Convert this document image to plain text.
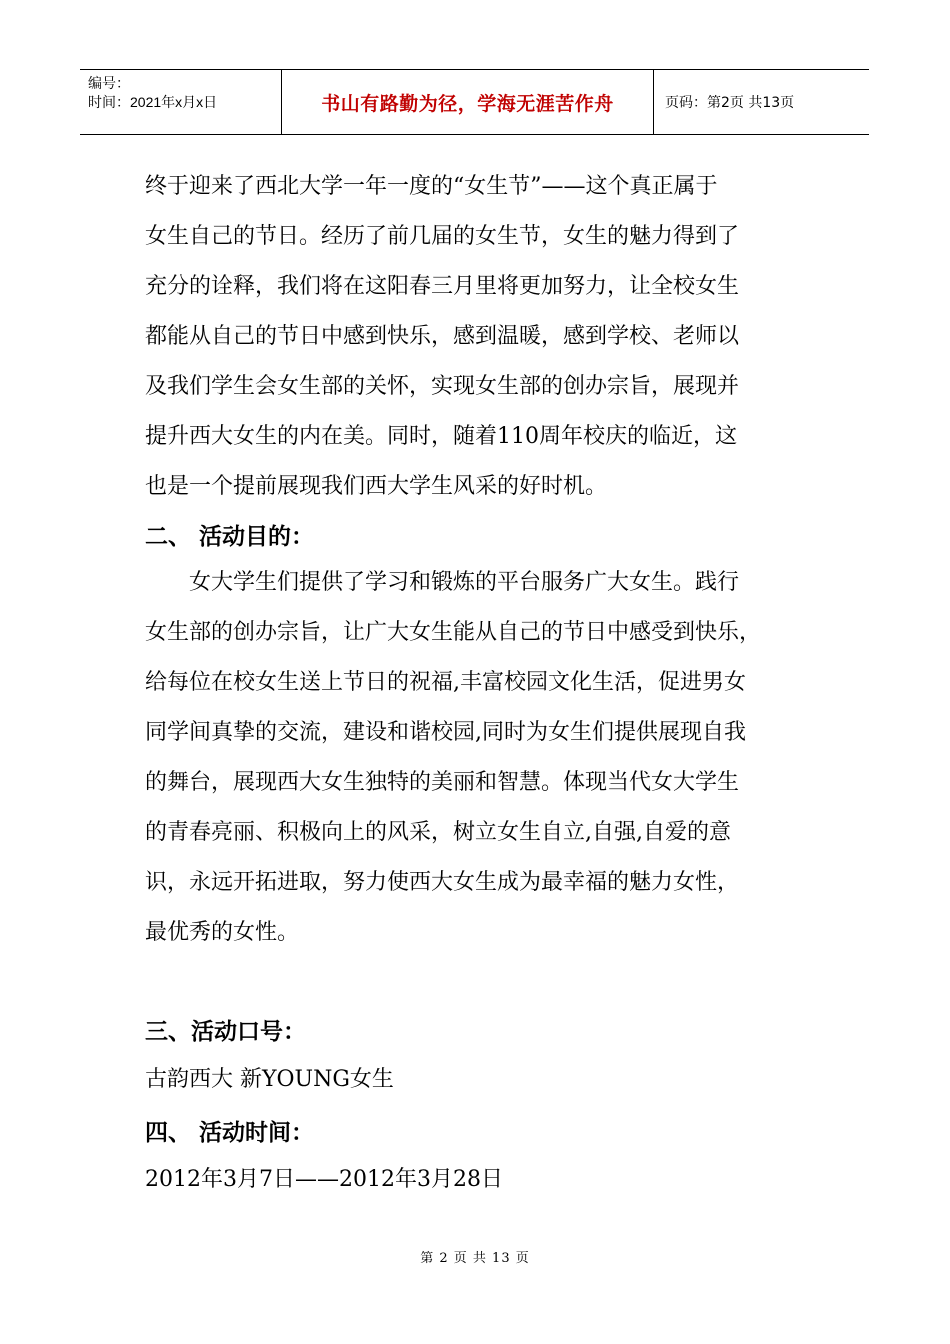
编号：
时间：2021年x月x日	书山有路勤为径，学海无涯苦作舟	页码：第2页 共13页
终于迎来了西北大学一年一度的“女生节”——这个真正属于
女生自己的节日。经历了前几届的女生节，女生的魅力得到了
充分的诠释，我们将在这阳春三月里将更加努力，让全校女生
都能从自己的节日中感到快乐，感到温暖，感到学校、老师以
及我们学生会女生部的关怀，实现女生部的创办宗旨，展现并
提升西大女生的内在美。同时，随着110周年校庆的临近，这
也是一个提前展现我们西大学生风采的好时机。
二、 活动目的：
女大学生们提供了学习和锻炼的平台服务广大女生。践行
女生部的创办宗旨，让广大女生能从自己的节日中感受到快乐，
给每位在校女生送上节日的祝福,丰富校园文化生活，促进男女
同学间真挚的交流，建设和谐校园,同时为女生们提供展现自我
的舞台，展现西大女生独特的美丽和智慧。体现当代女大学生
的青春亮丽、积极向上的风采，树立女生自立,自强,自爱的意
识，永远开拓进取，努力使西大女生成为最幸福的魅力女性，
最优秀的女性。
三、活动口号：
古韵西大 新YOUNG女生
四、 活动时间：
2012年3月7日——2012年3月28日
第 2 页 共 13 页
